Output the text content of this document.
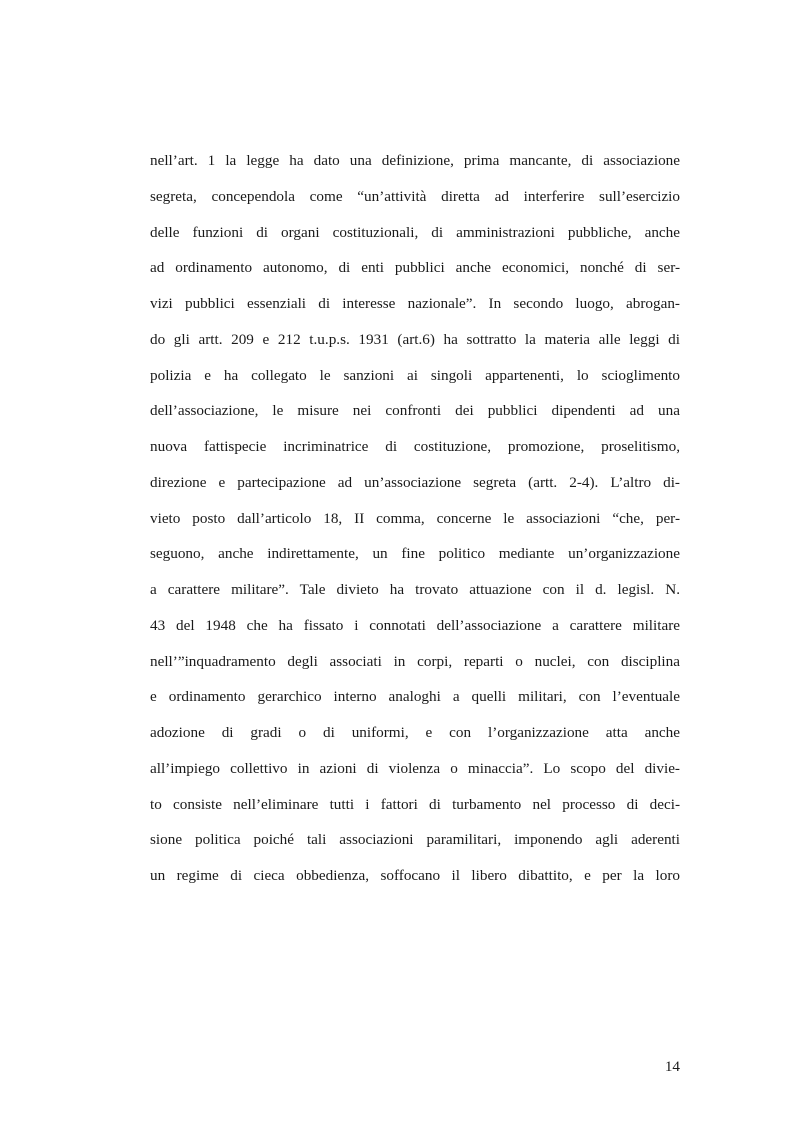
nell’art. 1 la legge ha dato una definizione, prima mancante, di associazione
segreta, concependola come “un’attività diretta ad interferire sull’esercizio
delle funzioni di organi costituzionali, di amministrazioni pubbliche, anche
ad ordinamento autonomo, di enti pubblici anche economici, nonché di ser-
vizi pubblici essenziali di interesse nazionale”. In secondo luogo, abrogan-
do gli artt. 209 e 212 t.u.p.s. 1931 (art.6) ha sottratto la materia alle leggi di
polizia e ha collegato le sanzioni ai singoli appartenenti, lo scioglimento
dell’associazione, le misure nei confronti dei pubblici dipendenti ad una
nuova fattispecie incriminatrice di costituzione, promozione, proselitismo,
direzione e partecipazione ad un’associazione segreta (artt. 2-4). L’altro di-
vieto posto dall’articolo 18, II comma, concerne le associazioni “che, per-
seguono, anche indirettamente, un fine politico mediante un’organizzazione
a carattere militare”. Tale divieto ha trovato attuazione con il d. legisl. N.
43 del 1948 che ha fissato i connotati dell’associazione a carattere militare
nell’”inquadramento degli associati in corpi, reparti o nuclei, con disciplina
e ordinamento gerarchico interno analoghi a quelli militari, con l’eventuale
adozione di gradi o di uniformi, e con l’organizzazione atta anche
all’impiego collettivo in azioni di violenza o minaccia”. Lo scopo del divie-
to consiste nell’eliminare tutti i fattori di turbamento nel processo di deci-
sione politica poiché tali associazioni paramilitari, imponendo agli aderenti
un regime di cieca obbedienza, soffocano il libero dibattito, e per la loro
14
